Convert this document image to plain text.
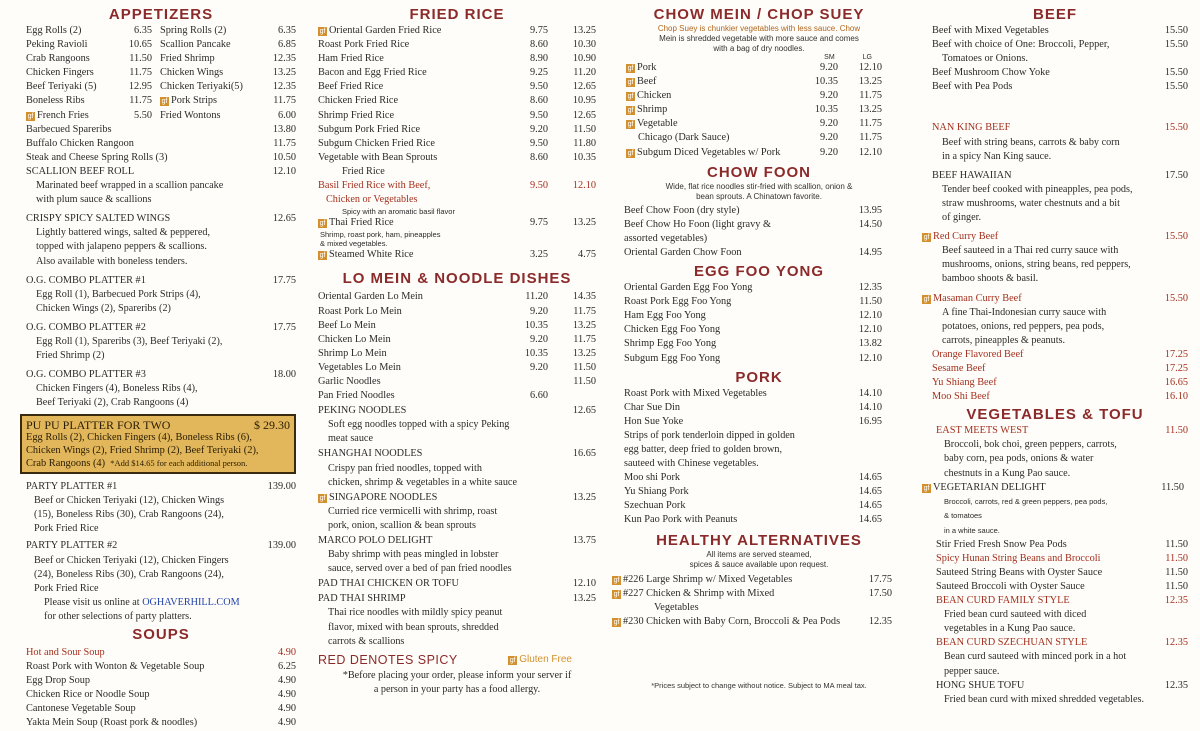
APPETIZERS
Egg Rolls (2)	6.35 Spring Rolls (2)	6.35
Peking Ravioli	10.65 Scallion Pancake	6.85
Crab Rangoons	11.50 Fried Shrimp	12.35
Chicken Fingers	11.75 Chicken Wings	13.25
Beef Teriyaki (5)	12.95 Chicken Teriyaki(5)	12.35
Boneless Ribs	11.75	gf Pork Strips	11.75
gf French Fries	5.50 Fried Wontons	6.00
Barbecued Spareribs	13.80
Buffalo Chicken Rangoon	11.75
Steak and Cheese Spring Rolls (3)	10.50
SCALLION BEEF ROLL	12.10
Marinated beef wrapped in a scallion pancake
with plum sauce & scallions
CRISPY SPICY SALTED WINGS	12.65
Lightly battered wings, salted & peppered,
topped with jalapeno peppers & scallions.
Also available with boneless tenders.
O.G. COMBO PLATTER #1	17.75
Egg Roll (1), Barbecued Pork Strips (4),
Chicken Wings (2), Spareribs (2)
O.G. COMBO PLATTER #2	17.75
Egg Roll (1), Spareribs (3), Beef Teriyaki (2),
Fried Shrimp (2)
O.G. COMBO PLATTER #3	18.00
Chicken Fingers (4), Boneless Ribs (4),
Beef Teriyaki (2), Crab Rangoons (4)
PU PU PLATTER FOR TWO	$ 29.30
Egg Rolls (2), Chicken Fingers (4), Boneless Ribs (6),
Chicken Wings (2), Fried Shrimp (2), Beef Teriyaki (2),
Crab Rangoons (4) *Add $14.65 for each additional person.
PARTY PLATTER #1	139.00
Beef or Chicken Teriyaki (12), Chicken Wings
(15), Boneless Ribs (30), Crab Rangoons (24),
Pork Fried Rice
PARTY PLATTER #2	139.00
Beef or Chicken Teriyaki (12), Chicken Fingers
(24), Boneless Ribs (30), Crab Rangoons (24),
Pork Fried Rice
Please visit us online at OGHAVERHILL.COM
for other selections of party platters.
SOUPS
Hot and Sour Soup	4.90
Roast Pork with Wonton & Vegetable Soup	6.25
Egg Drop Soup	4.90
Chicken Rice or Noodle Soup	4.90
Cantonese Vegetable Soup	4.90
Yakta Mein Soup (Roast pork & noodles)	4.90
FRIED RICE
gf Oriental Garden Fried Rice	9.75	13.25
Roast Pork Fried Rice	8.60	10.30
Ham Fried Rice	8.90	10.90
Bacon and Egg Fried Rice	9.25	11.20
Beef Fried Rice	9.50	12.65
Chicken Fried Rice	8.60	10.95
Shrimp Fried Rice	9.50	12.65
Subgum Pork Fried Rice	9.20	11.50
Subgum Chicken Fried Rice	9.50	11.80
Vegetable with Bean Sprouts	8.60	10.35
Fried Rice
Basil Fried Rice with Beef,	9.50	12.10
Chicken or Vegetables
Spicy with an aromatic basil flavor
gf Thai Fried Rice	9.75	13.25
Shrimp, roast pork, ham, pineapples
& mixed vegetables.
gf Steamed White Rice	3.25	4.75
LO MEIN & NOODLE DISHES
Oriental Garden Lo Mein	11.20	14.35
Roast Pork Lo Mein	9.20	11.75
Beef Lo Mein	10.35	13.25
Chicken Lo Mein	9.20	11.75
Shrimp Lo Mein	10.35	13.25
Vegetables Lo Mein	9.20	11.50
Garlic Noodles	11.50
Pan Fried Noodles	6.60
PEKING NOODLES	12.65
Soft egg noodles topped with a spicy Peking
meat sauce
SHANGHAI NOODLES	16.65
Crispy pan fried noodles, topped with
chicken, shrimp & vegetables in a white sauce
gf SINGAPORE NOODLES	13.25
Curried rice vermicelli with shrimp, roast
pork, onion, scallion & bean sprouts
MARCO POLO DELIGHT	13.75
Baby shrimp with peas mingled in lobster
sauce, served over a bed of pan fried noodles
PAD THAI CHICKEN OR TOFU	12.10
PAD THAI SHRIMP	13.25
Thai rice noodles with mildly spicy peanut
flavor, mixed with bean sprouts, shredded
carrots & scallions
RED DENOTES SPICY	gf Gluten Free
*Before placing your order, please inform your server if
a person in your party has a food allergy.
CHOW MEIN / CHOP SUEY
Chop Suey is chunkier vegetables with less sauce. Chow
Mein is shredded vegetable with more sauce and comes
with a bag of dry noodles.
SM	LG
gf Pork	9.20	12.10
gf Beef	10.35	13.25
gf Chicken	9.20	11.75
gf Shrimp	10.35	13.25
gf Vegetable	9.20	11.75
Chicago (Dark Sauce)	9.20	11.75
gf Subgum Diced Vegetables w/ Pork	9.20	12.10
CHOW FOON
Wide, flat rice noodles stir-fried with scallion, onion &
bean sprouts. A Chinatown favorite.
Beef Chow Foon (dry style)	13.95
Beef Chow Ho Foon (light gravy &	14.50
assorted vegetables)
Oriental Garden Chow Foon	14.95
EGG FOO YONG
Oriental Garden Egg Foo Yong	12.35
Roast Pork Egg Foo Yong	11.50
Ham Egg Foo Yong	12.10
Chicken Egg Foo Yong	12.10
Shrimp Egg Foo Yong	13.82
Subgum Egg Foo Yong	12.10
PORK
Roast Pork with Mixed Vegetables	14.10
Char Sue Din	14.10
Hon Sue Yoke	16.95
Strips of pork tenderloin dipped in golden
egg batter, deep fried to golden brown,
sauteed with Chinese vegetables.
Moo shi Pork	14.65
Yu Shiang Pork	14.65
Szechuan Pork	14.65
Kun Pao Pork with Peanuts	14.65
HEALTHY ALTERNATIVES
All items are served steamed,
spices & sauce available upon request.
gf #226 Large Shrimp w/ Mixed Vegetables	17.75
gf #227 Chicken & Shrimp with Mixed	17.50
Vegetables
gf #230 Chicken with Baby Corn, Broccoli & Pea Pods	12.35
*Prices subject to change without notice. Subject to MA meal tax.
BEEF
Beef with Mixed Vegetables	15.50
Beef with choice of One: Broccoli, Pepper,	15.50
Tomatoes or Onions.
Beef Mushroom Chow Yoke	15.50
Beef with Pea Pods	15.50
NAN KING BEEF	15.50
Beef with string beans, carrots & baby corn
in a spicy Nan King sauce.
BEEF HAWAIIAN	17.50
Tender beef cooked with pineapples, pea pods,
straw mushrooms, water chestnuts and a bit
of ginger.
gf Red Curry Beef	15.50
Beef sauteed in a Thai red curry sauce with
mushrooms, onions, string beans, red peppers,
bamboo shoots & basil.
gf Masaman Curry Beef	15.50
A fine Thai-Indonesian curry sauce with
potatoes, onions, red peppers, pea pods,
carrots, pineapples & peanuts.
Orange Flavored Beef	17.25
Sesame Beef	17.25
Yu Shiang Beef	16.65
Moo Shi Beef	16.10
VEGETABLES & TOFU
EAST MEETS WEST	11.50
Broccoli, bok choi, green peppers, carrots,
baby corn, pea pods, onions & water
chestnuts in a Kung Pao sauce.
gf VEGETARIAN DELIGHT	11.50
Broccoli, carrots, red & green peppers, pea pods,
& tomatoes
in a white sauce.
Stir Fried Fresh Snow Pea Pods	11.50
Spicy Hunan String Beans and Broccoli	11.50
Sauteed String Beans with Oyster Sauce	11.50
Sauteed Broccoli with Oyster Sauce	11.50
BEAN CURD FAMILY STYLE	12.35
Fried bean curd sauteed with diced
vegetables in a Kung Pao sauce.
BEAN CURD SZECHUAN STYLE	12.35
Bean curd sauteed with minced pork in a hot
pepper sauce.
HONG SHUE TOFU	12.35
Fried bean curd with mixed shredded vegetables.
